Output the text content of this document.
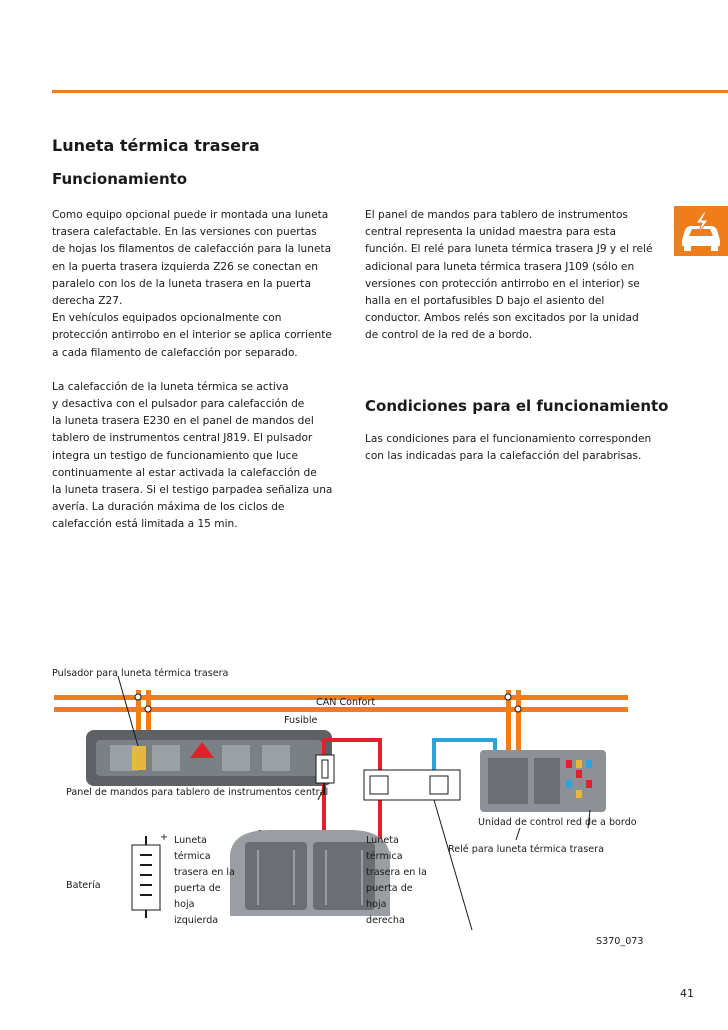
Luneta térmica trasera
Funcionamiento

Como equipo opcional puede ir montada una luneta

trasera calefactable. En las versiones con puertas

de hojas los filamentos de calefacción para la luneta

en la puerta trasera izquierda Z26 se conectan en

paralelo con los de la luneta trasera en la puerta

derecha Z27.

En vehículos equipados opcionalmente con

protección antirrobo en el interior se aplica corriente

a cada filamento de calefacción por separado.

La calefacción de la luneta térmica se activa

y desactiva con el pulsador para calefacción de

la luneta trasera E230 en el panel de mandos del

tablero de instrumentos central J819. El pulsador

integra un testigo de funcionamiento que luce

continuamente al estar activada la calefacción de

la luneta trasera. Si el testigo parpadea señaliza una

avería. La duración máxima de los ciclos de

calefacción está limitada a 15 min.

El panel de mandos para tablero de instrumentos

central representa la unidad maestra para esta

función. El relé para luneta térmica trasera J9 y el relé

adicional para luneta térmica trasera J109 (sólo en

versiones con protección antirrobo en el interior) se

halla en el portafusibles D bajo el asiento del

conductor. Ambos relés son excitados por la unidad

de control de la red de a bordo.

Condiciones para el funcionamiento

Las condiciones para el funcionamiento corresponden

con las indicadas para la calefacción del parabrisas.

Pulsador para luneta térmica trasera
CAN Confort
Fusible
Panel de mandos para tablero de instrumentos central
Unidad de control red de a bordo
Relé para luneta térmica trasera
Batería
+
-
Luneta
térmica
trasera en la
puerta de
hoja
izquierda
Luneta
térmica
trasera en la
puerta de
hoja
derecha
S370_073
41
